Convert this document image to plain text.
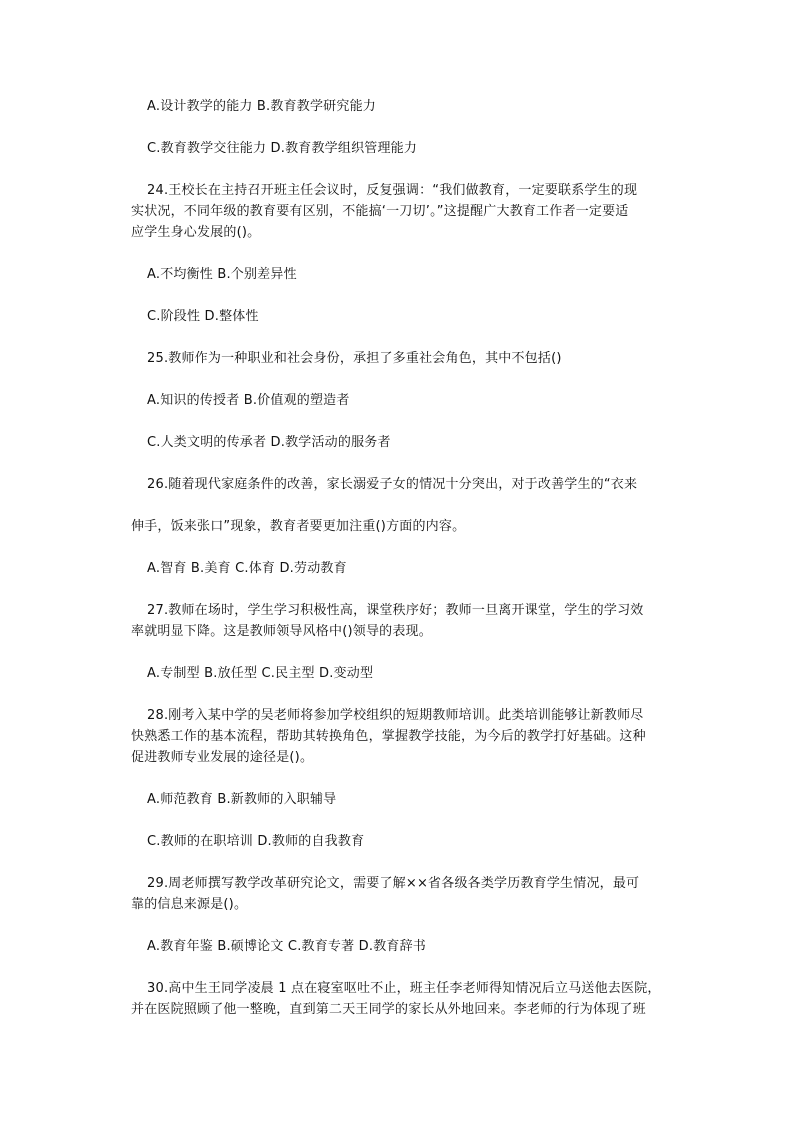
A.设计教学的能力 B.教育教学研究能力
C.教育教学交往能力 D.教育教学组织管理能力
24.王校长在主持召开班主任会议时，反复强调：“我们做教育，一定要联系学生的现
实状况，不同年级的教育要有区别，不能搞‘一刀切’。”这提醒广大教育工作者一定要适
应学生身心发展的()。
A.不均衡性 B.个别差异性
C.阶段性 D.整体性
25.教师作为一种职业和社会身份，承担了多重社会角色，其中不包括()
A.知识的传授者 B.价值观的塑造者
C.人类文明的传承者 D.教学活动的服务者
26.随着现代家庭条件的改善，家长溺爱子女的情况十分突出，对于改善学生的“衣来
伸手，饭来张口”现象，教育者要更加注重()方面的内容。
A.智育 B.美育 C.体育 D.劳动教育
27.教师在场时，学生学习积极性高，课堂秩序好；教师一旦离开课堂，学生的学习效
率就明显下降。这是教师领导风格中()领导的表现。
A.专制型 B.放任型 C.民主型 D.变动型
28.刚考入某中学的吴老师将参加学校组织的短期教师培训。此类培训能够让新教师尽
快熟悉工作的基本流程，帮助其转换角色，掌握教学技能，为今后的教学打好基础。这种
促进教师专业发展的途径是()。
A.师范教育 B.新教师的入职辅导
C.教师的在职培训 D.教师的自我教育
29.周老师撰写教学改革研究论文，需要了解××省各级各类学历教育学生情况，最可
靠的信息来源是()。
A.教育年鉴 B.硕博论文 C.教育专著 D.教育辞书
30.高中生王同学凌晨 1 点在寝室呕吐不止，班主任李老师得知情况后立马送他去医院，
并在医院照顾了他一整晚，直到第二天王同学的家长从外地回来。李老师的行为体现了班
